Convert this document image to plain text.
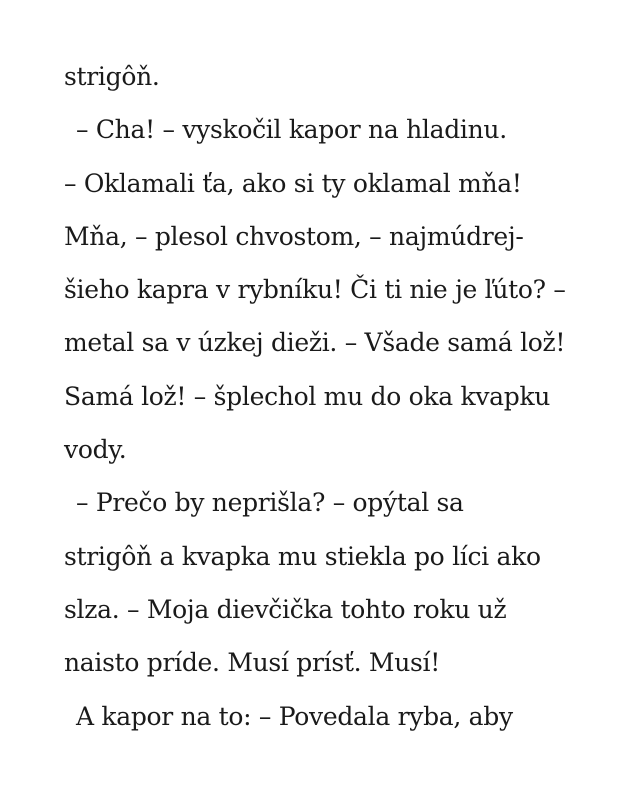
strigôň.
– Cha! – vyskočil kapor na hladinu.
– Oklamali ťa, ako si ty oklamal mňa!
Mňa, – plesol chvostom, – najmúdrej-
šieho kapra v rybníku! Či ti nie je ľúto? –
metal sa v úzkej dieži. – Všade samá lož!
Samá lož! – šplechol mu do oka kvapku
vody.
– Prečo by neprišla? – opýtal sa
strigôň a kvapka mu stiekla po líci ako
slza. – Moja dievčička tohto roku už
naisto príde. Musí prísť. Musí!
A kapor na to: – Povedala ryba, aby
